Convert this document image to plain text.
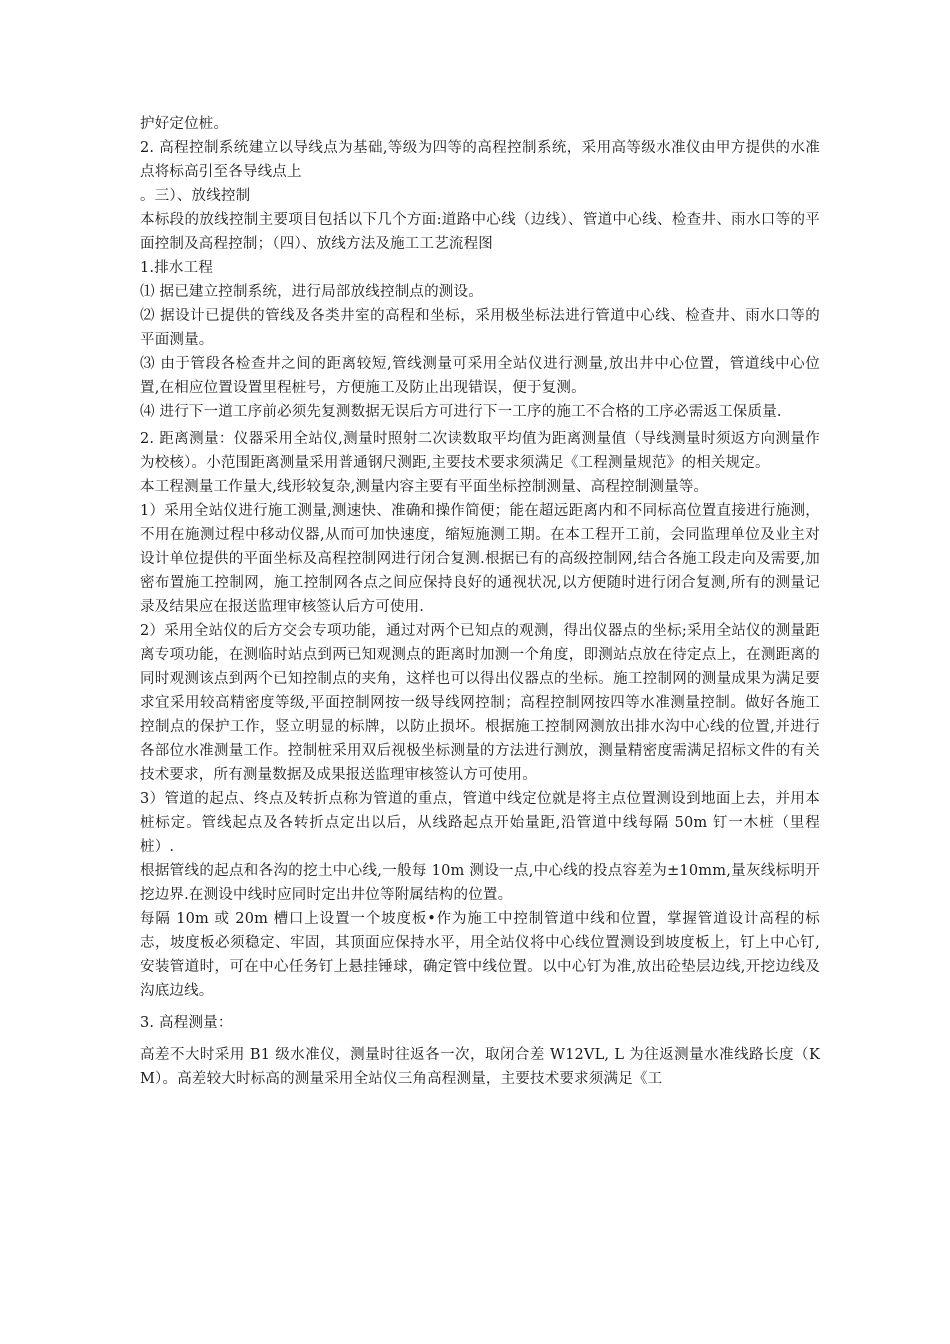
护好定位桩。

2. 高程控制系统建立以导线点为基础,等级为四等的高程控制系统，采用高等级水准仪由甲方提供的水准点将标高引至各导线点上

。三）、放线控制

本标段的放线控制主要项目包括以下几个方面:道路中心线（边线）、管道中心线、检查井、雨水口等的平面控制及高程控制；（四）、放线方法及施工工艺流程图

1.排水工程

⑴ 据已建立控制系统，进行局部放线控制点的测设。

⑵ 据设计已提供的管线及各类井室的高程和坐标，采用极坐标法进行管道中心线、检查井、雨水口等的平面测量。

⑶ 由于管段各检查井之间的距离较短,管线测量可采用全站仪进行测量,放出井中心位置，管道线中心位置,在相应位置设置里程桩号，方便施工及防止出现错误，便于复测。

⑷ 进行下一道工序前必须先复测数据无误后方可进行下一工序的施工不合格的工序必需返工保质量.

2. 距离测量：仪器采用全站仪,测量时照射二次读数取平均值为距离测量值（导线测量时须返方向测量作为校核）。小范围距离测量采用普通钢尺测距,主要技术要求须满足《工程测量规范》的相关规定。

本工程测量工作量大,线形较复杂,测量内容主要有平面坐标控制测量、高程控制测量等。

1）采用全站仪进行施工测量,测速快、准确和操作简便；能在超远距离内和不同标高位置直接进行施测，不用在施测过程中移动仪器,从而可加快速度，缩短施测工期。在本工程开工前，会同监理单位及业主对设计单位提供的平面坐标及高程控制网进行闭合复测.根据已有的高级控制网,结合各施工段走向及需要,加密布置施工控制网，施工控制网各点之间应保持良好的通视状况,以方便随时进行闭合复测,所有的测量记录及结果应在报送监理审核签认后方可使用.

2）采用全站仪的后方交会专项功能，通过对两个已知点的观测，得出仪器点的坐标;采用全站仪的测量距离专项功能，在测临时站点到两已知观测点的距离时加测一个角度，即测站点放在待定点上，在测距离的同时观测该点到两个已知控制点的夹角，这样也可以得出仪器点的坐标。施工控制网的测量成果为满足要求宜采用较高精密度等级,平面控制网按一级导线网控制；高程控制网按四等水准测量控制。做好各施工控制点的保护工作，竖立明显的标牌，以防止损坏。根据施工控制网测放出排水沟中心线的位置,并进行各部位水准测量工作。控制桩采用双后视极坐标测量的方法进行测放，测量精密度需满足招标文件的有关技术要求，所有测量数据及成果报送监理审核签认方可使用。

3）管道的起点、终点及转折点称为管道的重点，管道中线定位就是将主点位置测设到地面上去，并用本桩标定。管线起点及各转折点定出以后，从线路起点开始量距,沿管道中线每隔 50m 钉一木桩（里程桩）.

根据管线的起点和各沟的挖土中心线,一般每 10m 测设一点,中心线的投点容差为±10mm,量灰线标明开挖边界.在测设中线时应同时定出井位等附属结构的位置。

每隔 10m 或 20m 槽口上设置一个坡度板•作为施工中控制管道中线和位置，掌握管道设计高程的标志，坡度板必须稳定、牢固，其顶面应保持水平，用全站仪将中心线位置测设到坡度板上，钉上中心钉,安装管道时，可在中心任务钉上悬挂锤球，确定管中线位置。以中心钉为准,放出砼垫层边线,开挖边线及沟底边线。

3. 高程测量：

高差不大时采用 B1 级水准仪，测量时往返各一次，取闭合差 W12VL, L 为往返测量水准线路长度（KM）。高差较大时标高的测量采用全站仪三角高程测量，主要技术要求须满足《工
